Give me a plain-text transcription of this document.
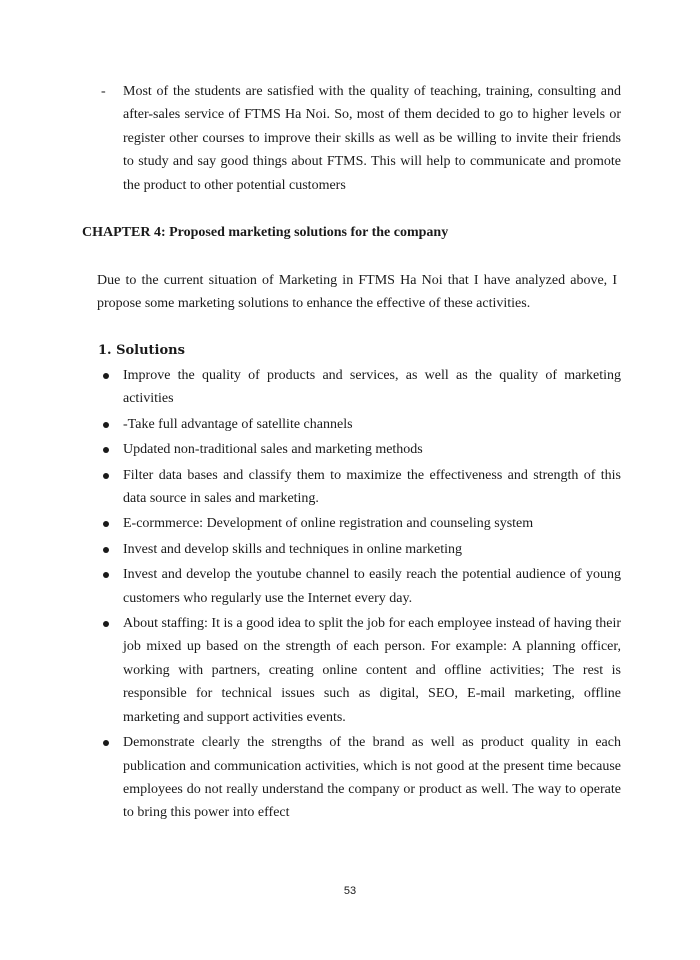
- Most of the students are satisfied with the quality of teaching, training, consulting and after-sales service of FTMS Ha Noi. So, most of them decided to go to higher levels or register other courses to improve their skills as well as be willing to invite their friends to study and say good things about FTMS. This will help to communicate and promote the product to other potential customers
CHAPTER 4: Proposed marketing solutions for the company
Due to the current situation of Marketing in FTMS Ha Noi that I have analyzed above, I propose some marketing solutions to enhance the effective of these activities.
1. Solutions
Improve the quality of products and services, as well as the quality of marketing activities
-Take full advantage of satellite channels
Updated non-traditional sales and marketing methods
Filter data bases and classify them to maximize the effectiveness and strength of this data source in sales and marketing.
E-cormmerce: Development of online registration and counseling system
Invest and develop skills and techniques in online marketing
Invest and develop the youtube channel to easily reach the potential audience of young customers who regularly use the Internet every day.
About staffing: It is a good idea to split the job for each employee instead of having their job mixed up based on the strength of each person. For example: A planning officer, working with partners, creating online content and offline activities; The rest is responsible for technical issues such as digital, SEO, E-mail marketing, offline marketing and support activities events.
Demonstrate clearly the strengths of the brand as well as product quality in each publication and communication activities, which is not good at the present time because employees do not really understand the company or product as well. The way to operate to bring this power into effect
53
